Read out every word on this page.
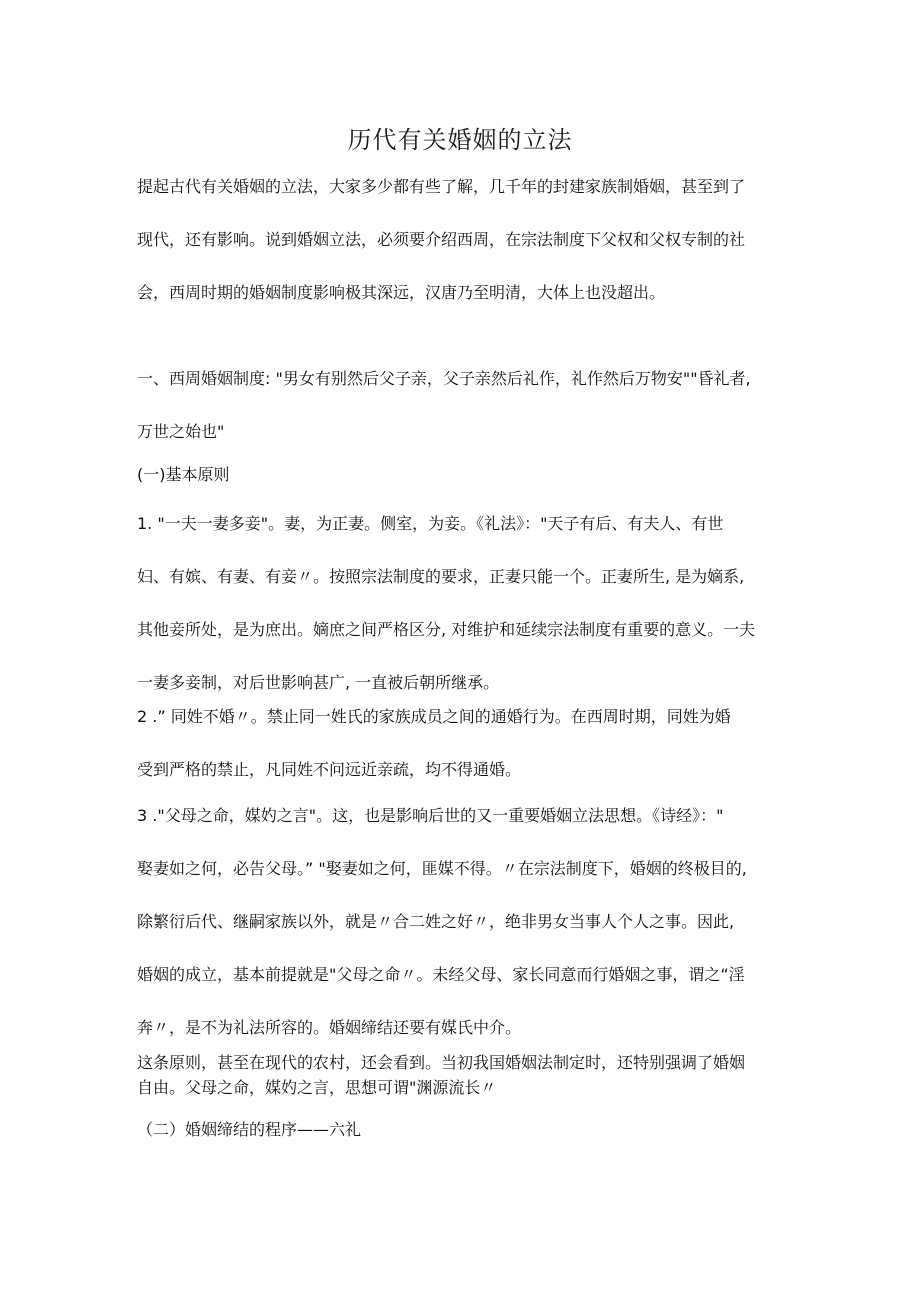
历代有关婚姻的立法
提起古代有关婚姻的立法，大家多少都有些了解，几千年的封建家族制婚姻，甚至到了
现代，还有影响。说到婚姻立法，必须要介绍西周，在宗法制度下父权和父权专制的社
会，西周时期的婚姻制度影响极其深远，汉唐乃至明清，大体上也没超出。
一、西周婚姻制度: "男女有别然后父子亲，父子亲然后礼作，礼作然后万物安""昏礼者,
万世之始也"
(一)基本原则
1. "一夫一妻多妾"。妻，为正妻。侧室，为妾。《礼法》："天子有后、有夫人、有世
妇、有嫔、有妻、有妾〃。按照宗法制度的要求，正妻只能一个。正妻所生, 是为嫡系,
其他妾所处，是为庶出。嫡庶之间严格区分, 对维护和延续宗法制度有重要的意义。一夫
一妻多妾制，对后世影响甚广, 一直被后朝所继承。
2 .” 同姓不婚〃。禁止同一姓氏的家族成员之间的通婚行为。在西周时期，同姓为婚
受到严格的禁止，凡同姓不问远近亲疏，均不得通婚。
3 ."父母之命，媒妁之言"。这，也是影响后世的又一重要婚姻立法思想。《诗经》："
娶妻如之何，必告父母。” "娶妻如之何，匪媒不得。〃在宗法制度下，婚姻的终极目的,
除繁衍后代、继嗣家族以外，就是〃合二姓之好〃，绝非男女当事人个人之事。因此,
婚姻的成立，基本前提就是"父母之命〃。未经父母、家长同意而行婚姻之事，谓之“淫
奔〃，是不为礼法所容的。婚姻缔结还要有媒氏中介。
这条原则，甚至在现代的农村，还会看到。当初我国婚姻法制定时，还特别强调了婚姻
自由。父母之命，媒妁之言，思想可谓"渊源流长〃
（二）婚姻缔结的程序——六礼
